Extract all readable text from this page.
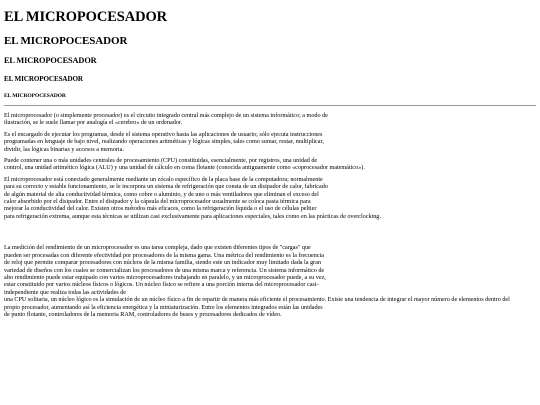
EL MICROPOCESADOR
EL MICROPOCESADOR
EL MICROPOCESADOR
EL MICROPOCESADOR
EL MICROPOCESADOR

El microprocesador (o simplemente procesador) es el circuito integrado central más complejo de un sistema informático; a modo de
ilustración, se le suele llamar por analogía el «cerebro» de un ordenador.

Es el encargado de ejecutar los programas, desde el sistema operativo hasta las aplicaciones de usuario; sólo ejecuta instrucciones
programadas en lenguaje de bajo nivel, realizando operaciones aritméticas y lógicas simples, tales como sumar, restar, multiplicar,
dividir, las lógicas binarias y accesos a memoria.

Puede contener una o más unidades centrales de procesamiento (CPU) constituidas, esencialmente, por registros, una unidad de
control, una unidad aritmético lógica (ALU) y una unidad de cálculo en coma flotante (conocida antiguamente como «coprocesador matemático»).

El microprocesador está conectado generalmente mediante un zócalo específico de la placa base de la computadora; normalmente
para su correcto y estable funcionamiento, se le incorpora un sistema de refrigeración que consta de un disipador de calor, fabricado
de algún material de alta conductividad térmica, como cobre o aluminio, y de uno o más ventiladores que eliminan el exceso del
calor absorbido por el disipador. Entre el disipador y la cápsula del microprocesador usualmente se coloca pasta térmica para
mejorar la conductividad del calor. Existen otros métodos más eficaces, como la refrigeración líquida o el uso de células peltier
para refrigeración extrema, aunque esta técnicas se utilizan casi exclusivamente para aplicaciones especiales, tales como en las prácticas de overclocking.

La medición del rendimiento de un microprocesador es una tarea compleja, dado que existen diferentes tipos de "cargas" que
pueden ser procesadas con diferente efectividad por procesadores de la misma gama. Una métrica del rendimiento es la frecuencia
de reloj que permite comparar procesadores con núcleos de la misma familia, siendo este un indicador muy limitado dada la gran
variedad de diseños con los cuales se comercializan los procesadores de una misma marca y referencia. Un sistema informático de
alto rendimiento puede estar equipado con varios microprocesadores trabajando en paralelo, y un microprocesador puede, a su vez,
estar constituido por varios núcleos físicos o lógicos. Un núcleo físico se refiere a una porción interna del microprocesador casi-
independiente que realiza todas las actividades de
una CPU solitaria, un núcleo lógico es la simulación de un núcleo físico a fin de repartir de manera más eficiente el procesamiento. Existe una tendencia de integrar el mayor número de elementos dentro del
propio procesador, aumentando así la eficiencia energética y la miniaturización. Entre los elementos integrados están las unidades
de punto flotante, controladores de la memoria RAM, controladores de buses y procesadores dedicados de vídeo.
